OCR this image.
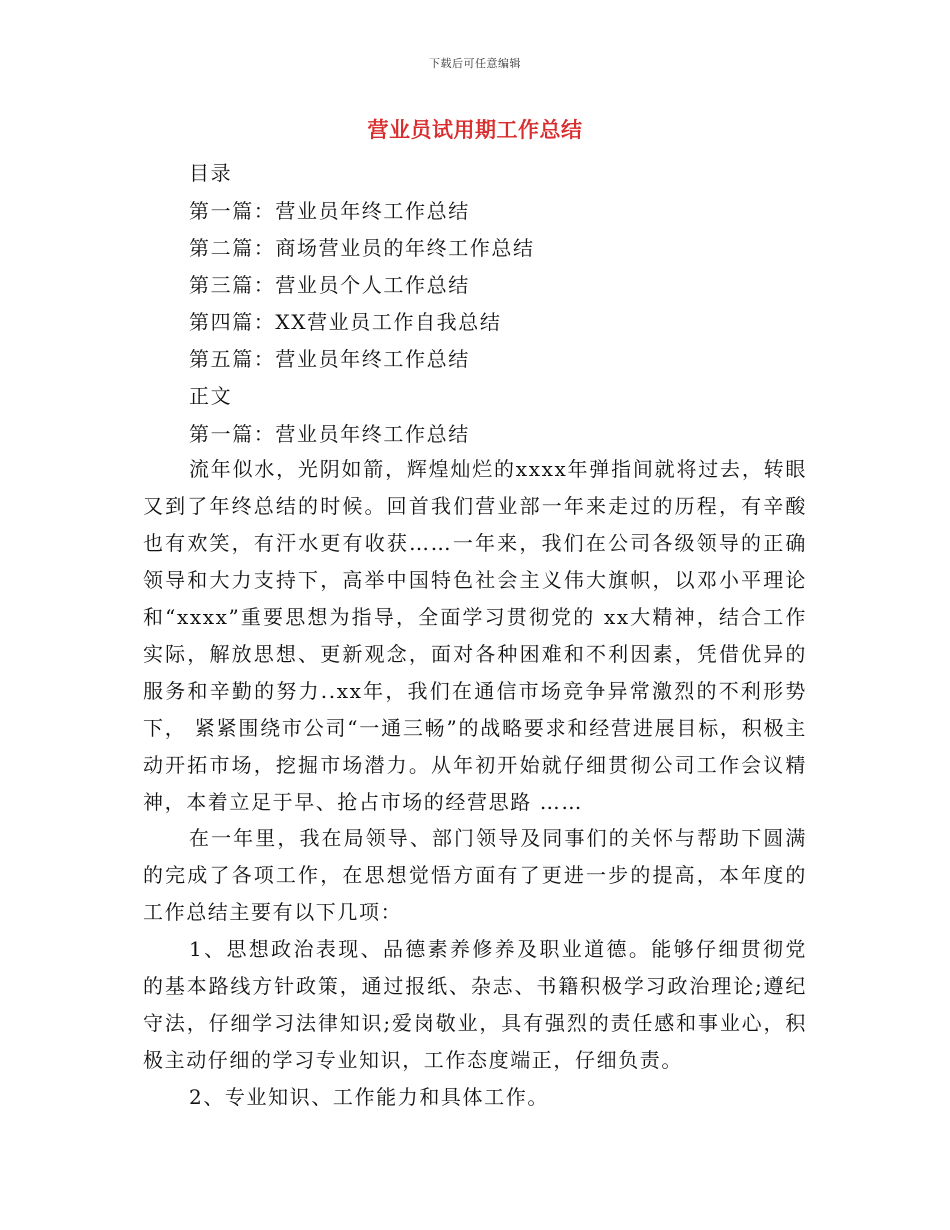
下载后可任意编辑
营业员试用期工作总结
目录
第一篇：营业员年终工作总结
第二篇：商场营业员的年终工作总结
第三篇：营业员个人工作总结
第四篇：XX营业员工作自我总结
第五篇：营业员年终工作总结
正文
第一篇：营业员年终工作总结
流年似水，光阴如箭，辉煌灿烂的xxxx年弹指间就将过去，转眼又到了年终总结的时候。回首我们营业部一年来走过的历程，有辛酸也有欢笑，有汗水更有收获……一年来，我们在公司各级领导的正确领导和大力支持下，高举中国特色社会主义伟大旗帜，以邓小平理论和“xxxx”重要思想为指导，全面学习贯彻党的 xx大精神，结合工作实际，解放思想、更新观念，面对各种困难和不利因素，凭借优异的服务和辛勤的努力..xx年，我们在通信市场竞争异常激烈的不利形势下， 紧紧围绕市公司“一通三畅”的战略要求和经营进展目标，积极主动开拓市场，挖掘市场潜力。从年初开始就仔细贯彻公司工作会议精神，本着立足于早、抢占市场的经营思路 ……
在一年里，我在局领导、部门领导及同事们的关怀与帮助下圆满的完成了各项工作，在思想觉悟方面有了更进一步的提高，本年度的工作总结主要有以下几项：
1、思想政治表现、品德素养修养及职业道德。能够仔细贯彻党的基本路线方针政策，通过报纸、杂志、书籍积极学习政治理论;遵纪守法，仔细学习法律知识;爱岗敬业，具有强烈的责任感和事业心，积极主动仔细的学习专业知识，工作态度端正，仔细负责。
2、专业知识、工作能力和具体工作。
